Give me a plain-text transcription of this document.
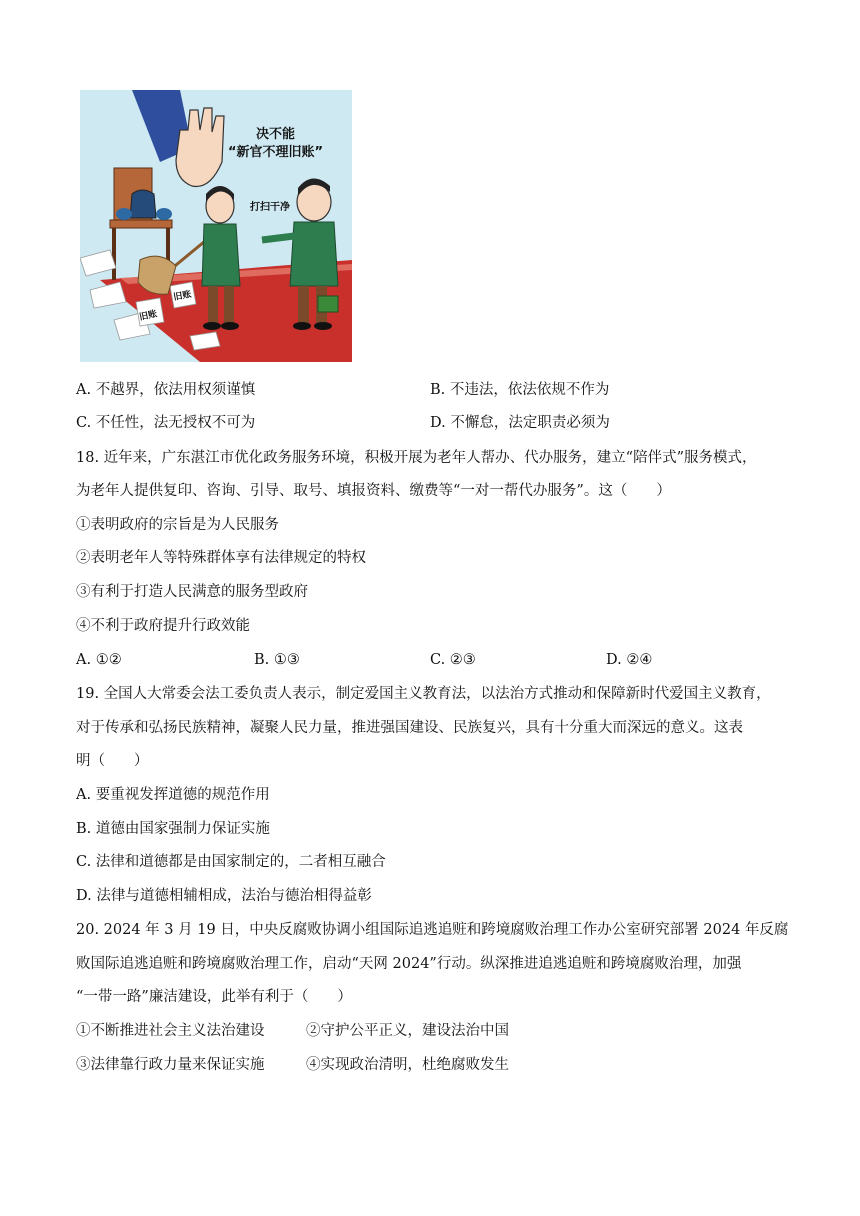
决不能
“新官不理旧账”
打扫干净
旧账
旧账
A. 不越界，依法用权须谨慎	B. 不违法，依法依规不作为
C. 不任性，法无授权不可为	D. 不懈怠，法定职责必须为
18. 近年来，广东湛江市优化政务服务环境，积极开展为老年人帮办、代办服务，建立“陪伴式”服务模式，
为老年人提供复印、咨询、引导、取号、填报资料、缴费等“一对一帮代办服务”。这（　　）
①表明政府的宗旨是为人民服务
②表明老年人等特殊群体享有法律规定的特权
③有利于打造人民满意的服务型政府
④不利于政府提升行政效能
A. ①②	B. ①③	C. ②③	D. ②④
19. 全国人大常委会法工委负责人表示，制定爱国主义教育法，以法治方式推动和保障新时代爱国主义教育，
对于传承和弘扬民族精神，凝聚人民力量，推进强国建设、民族复兴，具有十分重大而深远的意义。这表
明（　　）
A. 要重视发挥道德的规范作用
B. 道德由国家强制力保证实施
C. 法律和道德都是由国家制定的，二者相互融合
D. 法律与道德相辅相成，法治与德治相得益彰
20. 2024 年 3 月 19 日，中央反腐败协调小组国际追逃追赃和跨境腐败治理工作办公室研究部署 2024 年反腐
败国际追逃追赃和跨境腐败治理工作，启动“天网 2024”行动。纵深推进追逃追赃和跨境腐败治理，加强
“一带一路”廉洁建设，此举有利于（　　）
①不断推进社会主义法治建设	②守护公平正义，建设法治中国
③法律靠行政力量来保证实施	④实现政治清明，杜绝腐败发生
